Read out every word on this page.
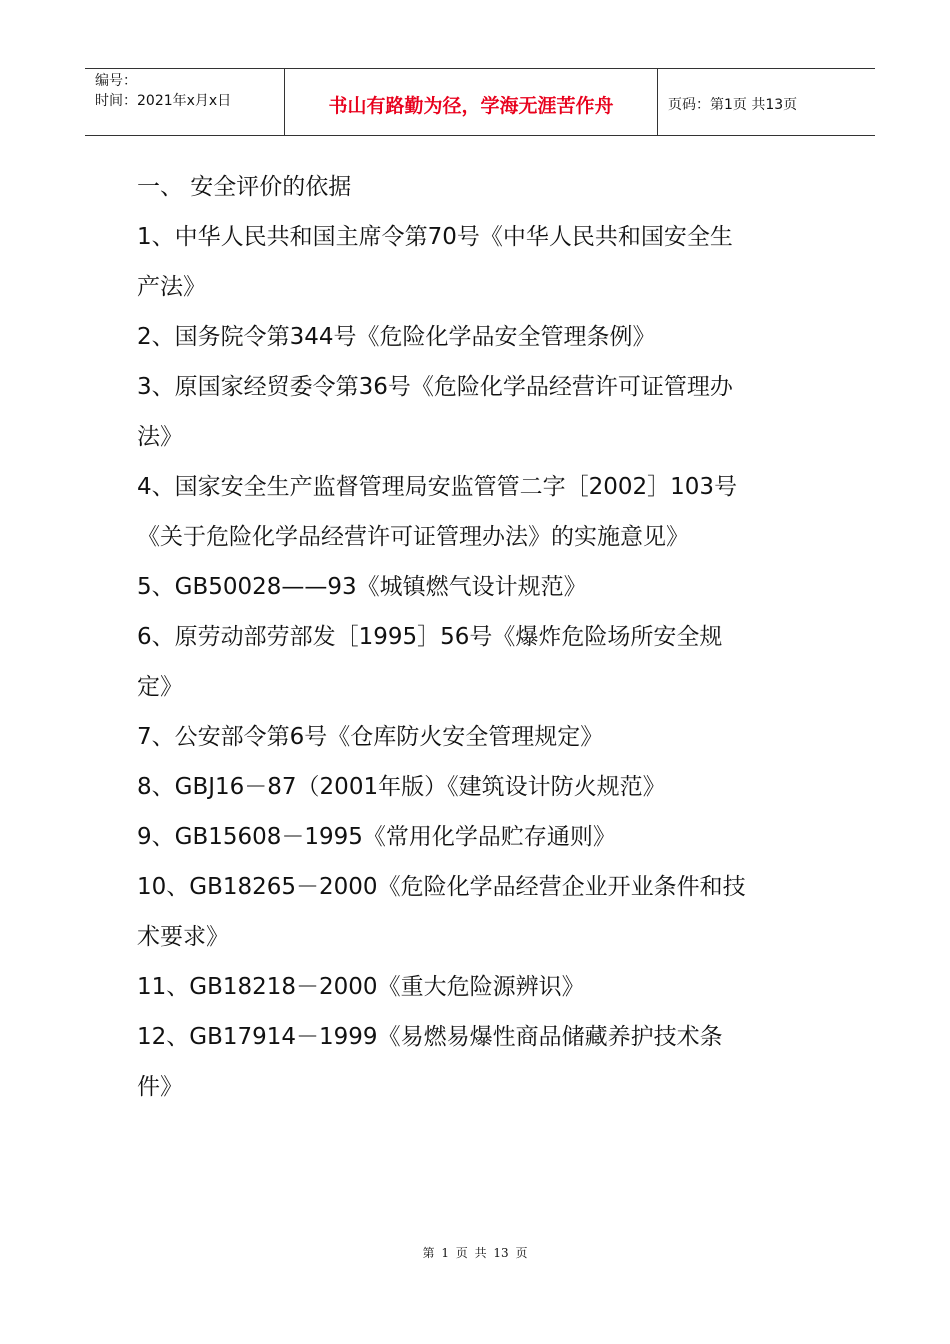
编号：
时间：2021年x月x日	书山有路勤为径，学海无涯苦作舟	页码：第1页 共13页

一、 安全评价的依据

1、中华人民共和国主席令第70号《中华人民共和国安全生

产法》

2、国务院令第344号《危险化学品安全管理条例》

3、原国家经贸委令第36号《危险化学品经营许可证管理办

法》

4、国家安全生产监督管理局安监管管二字［2002］103号

《关于危险化学品经营许可证管理办法》的实施意见》

5、GB50028——93《城镇燃气设计规范》

6、原劳动部劳部发［1995］56号《爆炸危险场所安全规

定》

7、公安部令第6号《仓库防火安全管理规定》

8、GBJ16－87（2001年版）《建筑设计防火规范》

9、GB15608－1995《常用化学品贮存通则》

10、GB18265－2000《危险化学品经营企业开业条件和技

术要求》

11、GB18218－2000《重大危险源辨识》

12、GB17914－1999《易燃易爆性商品储藏养护技术条

件》

第 1 页 共 13 页
